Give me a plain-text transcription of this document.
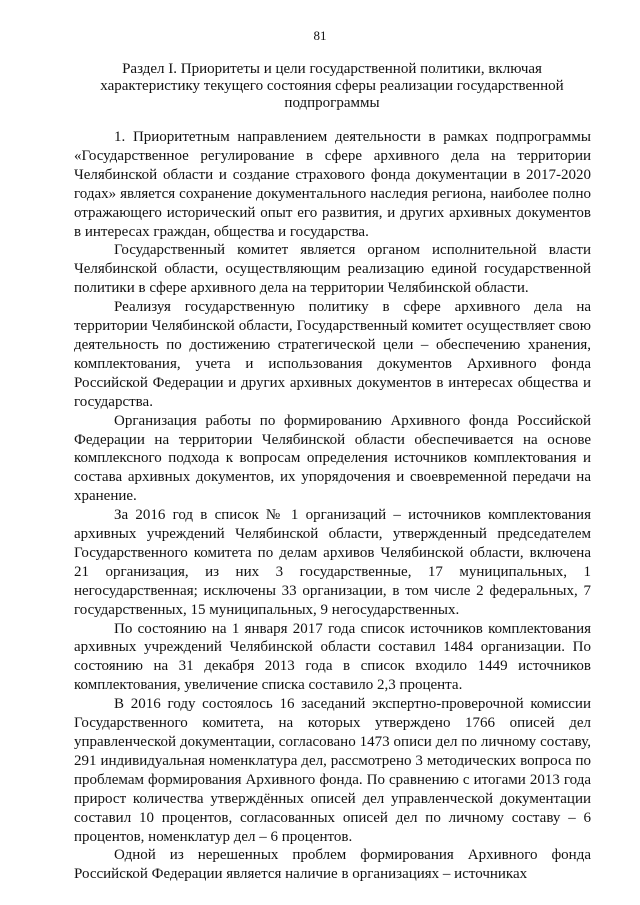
81
Раздел I. Приоритеты и цели государственной политики, включая характеристику текущего состояния сферы реализации государственной подпрограммы

1. Приоритетным направлением деятельности в рамках подпрограммы «Государственное регулирование в сфере архивного дела на территории Челябинской области и создание страхового фонда документации в 2017-2020 годах» является сохранение документального наследия региона, наиболее полно отражающего исторический опыт его развития, и других архивных документов в интересах граждан, общества и государства.

Государственный комитет является органом исполнительной власти Челябинской области, осуществляющим реализацию единой государственной политики в сфере архивного дела на территории Челябинской области.

Реализуя государственную политику в сфере архивного дела на территории Челябинской области, Государственный комитет осуществляет свою деятельность по достижению стратегической цели – обеспечению хранения, комплектования, учета и использования документов Архивного фонда Российской Федерации и других архивных документов в интересах общества и государства.

Организация работы по формированию Архивного фонда Российской Федерации на территории Челябинской области обеспечивается на основе комплексного подхода к вопросам определения источников комплектования и состава архивных документов, их упорядочения и своевременной передачи на хранение.

За 2016 год в список № 1 организаций – источников комплектования архивных учреждений Челябинской области, утвержденный председателем Государственного комитета по делам архивов Челябинской области, включена 21 организация, из них 3 государственные, 17 муниципальных, 1 негосударственная; исключены 33 организации, в том числе 2 федеральных, 7 государственных, 15 муниципальных, 9 негосударственных.

По состоянию на 1 января 2017 года список источников комплектования архивных учреждений Челябинской области составил 1484 организации. По состоянию на 31 декабря 2013 года в список входило 1449 источников комплектования, увеличение списка составило 2,3 процента.

В 2016 году состоялось 16 заседаний экспертно-проверочной комиссии Государственного комитета, на которых утверждено 1766 описей дел управленческой документации, согласовано 1473 описи дел по личному составу, 291 индивидуальная номенклатура дел, рассмотрено 3 методических вопроса по проблемам формирования Архивного фонда. По сравнению с итогами 2013 года прирост количества утверждённых описей дел управленческой документации составил 10 процентов, согласованных описей дел по личному составу – 6 процентов, номенклатур дел – 6 процентов.

Одной из нерешенных проблем формирования Архивного фонда Российской Федерации является наличие в организациях – источниках
